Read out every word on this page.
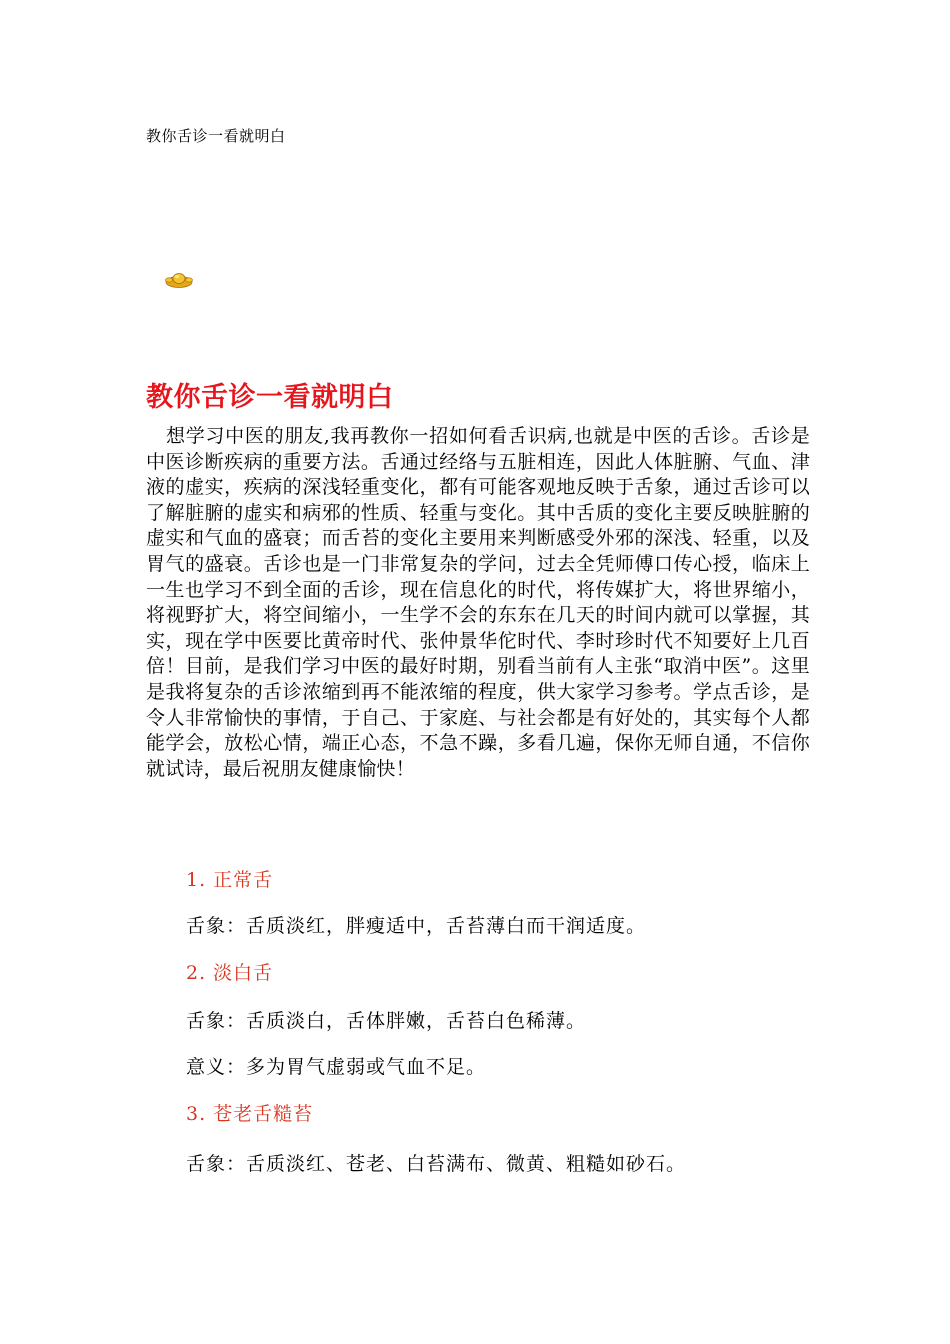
教你舌诊一看就明白
教你舌诊一看就明白

想学习中医的朋友,我再教你一招如何看舌识病,也就是中医的舌诊。舌诊是中医诊断疾病的重要方法。舌通过经络与五脏相连，因此人体脏腑、气血、津液的虚实，疾病的深浅轻重变化，都有可能客观地反映于舌象，通过舌诊可以了解脏腑的虚实和病邪的性质、轻重与变化。其中舌质的变化主要反映脏腑的虚实和气血的盛衰；而舌苔的变化主要用来判断感受外邪的深浅、轻重，以及胃气的盛衰。舌诊也是一门非常复杂的学问，过去全凭师傅口传心授，临床上一生也学习不到全面的舌诊，现在信息化的时代，将传媒扩大，将世界缩小，将视野扩大，将空间缩小，一生学不会的东东在几天的时间内就可以掌握，其实，现在学中医要比黄帝时代、张仲景华佗时代、李时珍时代不知要好上几百倍！目前，是我们学习中医的最好时期，别看当前有人主张“取消中医”。这里是我将复杂的舌诊浓缩到再不能浓缩的程度，供大家学习参考。学点舌诊，是令人非常愉快的事情，于自己、于家庭、与社会都是有好处的，其实每个人都能学会，放松心情，端正心态，不急不躁，多看几遍，保你无师自通，不信你就试诗，最后祝朋友健康愉快！

1. 正常舌

舌象：舌质淡红，胖瘦适中，舌苔薄白而干润适度。

2. 淡白舌

舌象：舌质淡白，舌体胖嫩，舌苔白色稀薄。

意义：多为胃气虚弱或气血不足。

3. 苍老舌糙苔

舌象：舌质淡红、苍老、白苔满布、微黄、粗糙如砂石。
